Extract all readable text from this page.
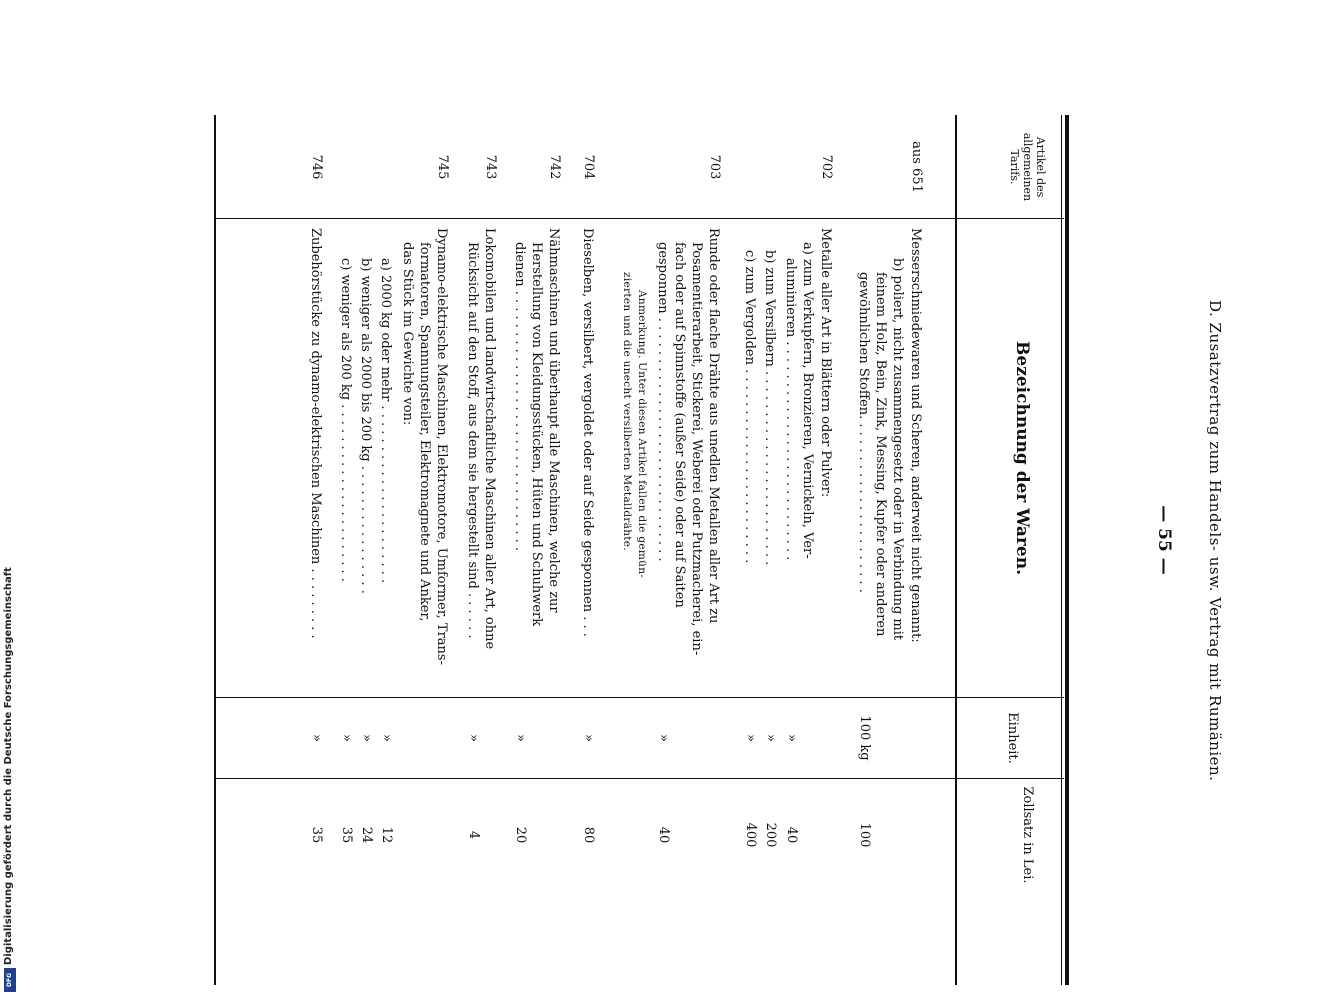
D. Zusatzvertrag zum Handels- usw. Vertrag mit Rumänien.
— 55 —
Artikel des allgemeinen Tarifs.
Bezeichnung der Waren.
Einheit.
Zollsatz in Lei.
aus 651
Messerschmiedewaren und Scheren, anderweit nicht genannt:
b) poliert, nicht zusammengesetzt oder in Verbindung mit
feinem Holz, Bein, Zink, Messing, Kupfer oder anderen
gewöhnlichen Stoffen. . . . . . . . . . . . . . . . . . . . . .
100 kg
100
702
Metalle aller Art in Blättern oder Pulver:
a) zum Verkupfern, Bronzieren, Vernickeln, Ver-
aluminieren . . . . . . . . . . . . . . . . . . . . . . . . . . .
»
40
b) zum Versilbern . . . . . . . . . . . . . . . . . . . . . . . .
»
200
c) zum Vergolden . . . . . . . . . . . . . . . . . . . . . . . .
»
400
703
Runde oder flache Drähte aus unedlen Metallen aller Art zu
Posamentierarbeit, Stickerei, Weberei oder Putzmacherei, ein-
fach oder auf Spinnstoffe (außer Seide) oder auf Saiten
gesponnen . . . . . . . . . . . . . . . . . . . . . . . . . . . . . .
»
40
Anmerkung. Unter diesen Artikel fallen die gemün-
zierten und die unecht versilberten Metalldrähte.
704
Dieselben, versilbert, vergoldet oder auf Seide gesponnen . . .
»
80
742
Nähmaschinen und überhaupt alle Maschinen, welche zur
Herstellung von Kleidungsstücken, Hüten und Schuhwerk
dienen . . . . . . . . . . . . . . . . . . . . . . . . . . . . . . . .
»
20
743
Lokomobilen und landwirtschaftliche Maschinen aller Art, ohne
Rücksicht auf den Stoff, aus dem sie hergestellt sind . . . . . .
»
4
745
Dynamo-elektrische Maschinen, Elektromotore, Umformer, Trans-
formatoren, Spannungsteiler, Elektromagnete und Anker,
das Stück im Gewichte von:
a) 2000 kg oder mehr . . . . . . . . . . . . . . . . . . . . . .
»
12
b) weniger als 2000 bis 200 kg . . . . . . . . . . . . . . . .
»
24
c) weniger als 200 kg . . . . . . . . . . . . . . . . . . . . . .
»
35
746
Zubehörstücke zu dynamo-elektrischen Maschinen . . . . . . . . .
»
35
Digitalisierung gefördert durch die Deutsche Forschungsgemeinschaft
DFG
